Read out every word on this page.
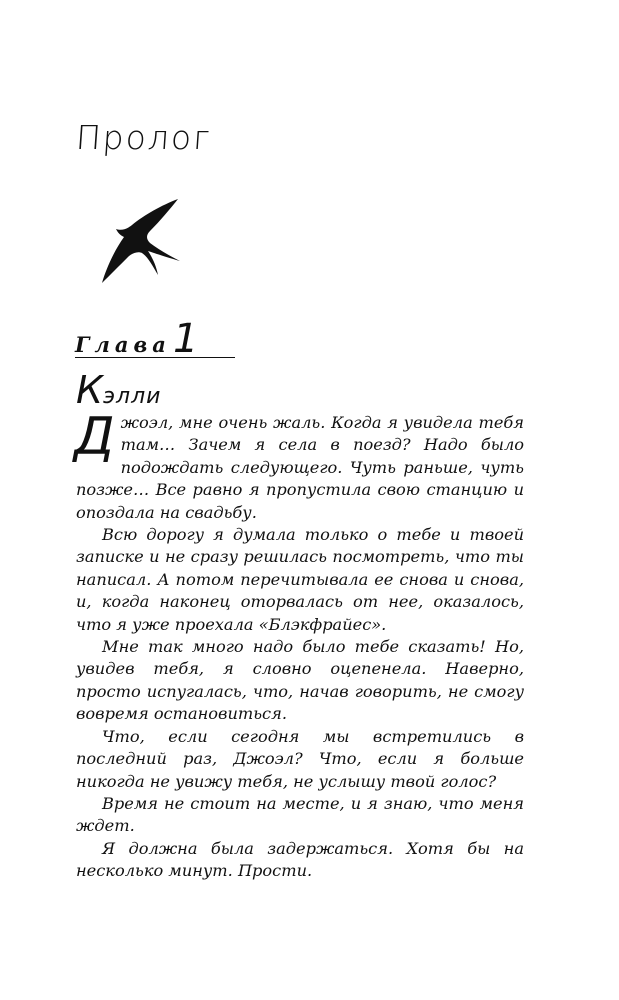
Пролог
Глава 1
Кэлли

Джоэл, мне очень жаль. Когда я увидела тебя там… Зачем я села в поезд? Надо было подождать следующего. Чуть раньше, чуть позже… Все равно я пропустила свою станцию и опоздала на свадьбу.

Всю дорогу я думала только о тебе и твоей записке и не сразу решилась посмотреть, что ты написал. А потом перечитывала ее снова и снова, и, когда наконец оторвалась от нее, оказалось, что я уже проехала «Блэкфрайес».

Мне так много надо было тебе сказать! Но, увидев тебя, я словно оцепенела. Наверно, просто испугалась, что, начав говорить, не смогу вовремя остановиться.

Что, если сегодня мы встретились в последний раз, Джоэл? Что, если я больше никогда не увижу тебя, не услышу твой голос?

Время не стоит на месте, и я знаю, что меня ждет.

Я должна была задержаться. Хотя бы на несколько минут. Прости.
